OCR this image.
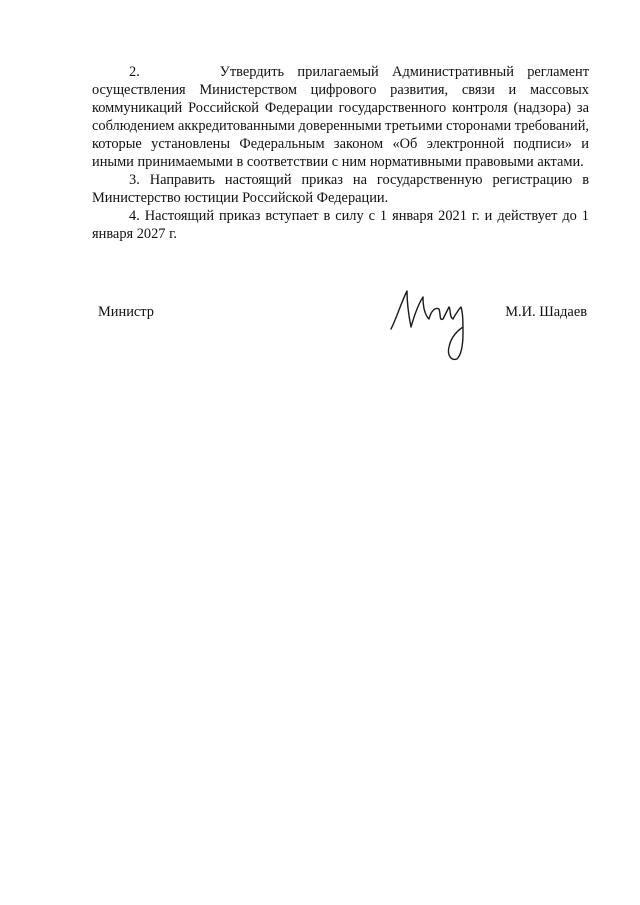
2.	Утвердить прилагаемый Административный регламент осуществления Министерством цифрового развития, связи и массовых коммуникаций Российской Федерации государственного контроля (надзора) за соблюдением аккредитованными доверенными третьими сторонами требований, которые установлены Федеральным законом «Об электронной подписи» и иными принимаемыми в соответствии с ним нормативными правовыми актами.

3. Направить настоящий приказ на государственную регистрацию в Министерство юстиции Российской Федерации.

4. Настоящий приказ вступает в силу с 1 января 2021 г. и действует до 1 января 2027 г.

Министр	М.И. Шадаев
